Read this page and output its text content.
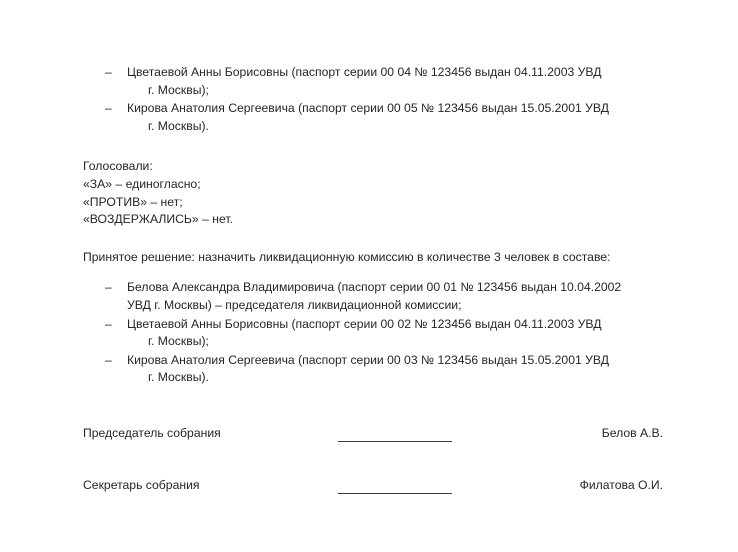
–	Цветаевой Анны Борисовны (паспорт серии 00 04 № 123456 выдан 04.11.2003 УВД
г. Москвы);
–	Кирова Анатолия Сергеевича (паспорт серии 00 05 № 123456 выдан 15.05.2001 УВД
г. Москвы).

Голосовали:

«ЗА» – единогласно;

«ПРОТИВ» – нет;

«ВОЗДЕРЖАЛИСЬ» – нет.

Принятое решение: назначить ликвидационную комиссию в количестве 3 человек в составе:

–	Белова Александра Владимировича (паспорт серии 00 01 № 123456 выдан 10.04.2002
УВД г. Москвы) – председателя ликвидационной комиссии;
–	Цветаевой Анны Борисовны (паспорт серии 00 02 № 123456 выдан 04.11.2003 УВД
г. Москвы);
–	Кирова Анатолия Сергеевича (паспорт серии 00 03 № 123456 выдан 15.05.2001 УВД
г. Москвы).
Председатель собрания	Белов А.В.
Секретарь собрания	Филатова О.И.
